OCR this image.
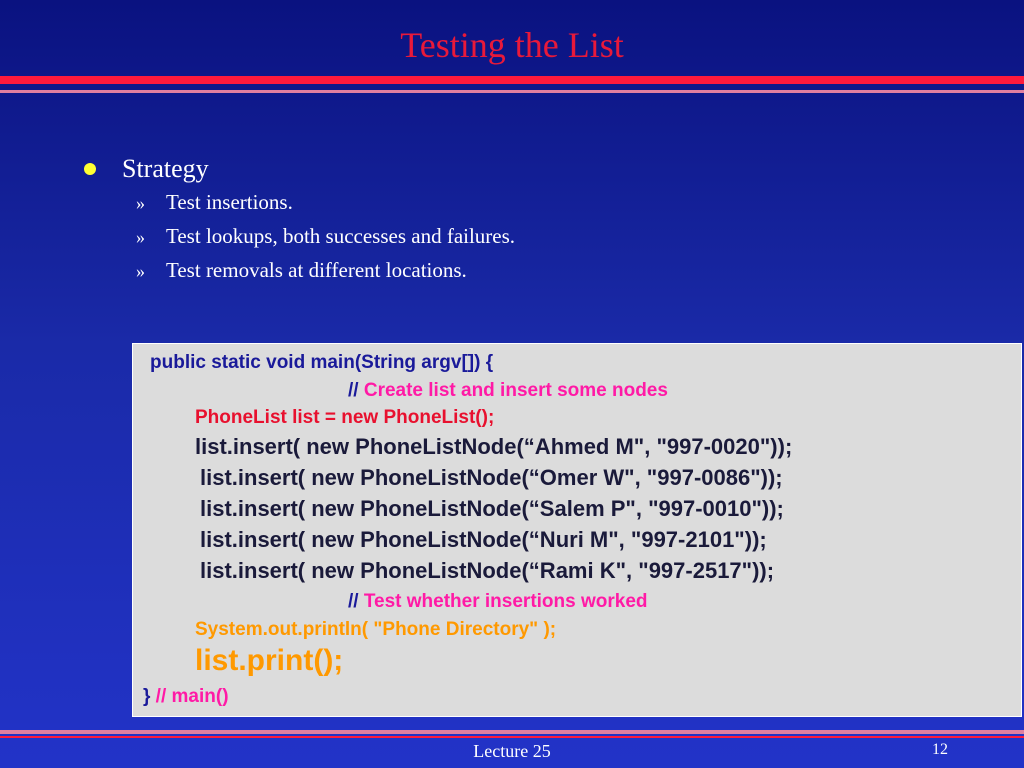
Testing the List
Strategy
»	Test insertions.
»	Test lookups, both successes and failures.
»	Test removals at different locations.
public static void main(String argv[]) {
// Create list and insert some nodes
PhoneList list = new PhoneList();
list.insert( new PhoneListNode(“Ahmed M", "997-0020"));
list.insert( new PhoneListNode(“Omer W", "997-0086"));
list.insert( new PhoneListNode(“Salem P", "997-0010"));
list.insert( new PhoneListNode(“Nuri M", "997-2101"));
list.insert( new PhoneListNode(“Rami K", "997-2517"));
// Test whether insertions worked
System.out.println( "Phone Directory" );
list.print();
} // main()
Lecture 25	12
